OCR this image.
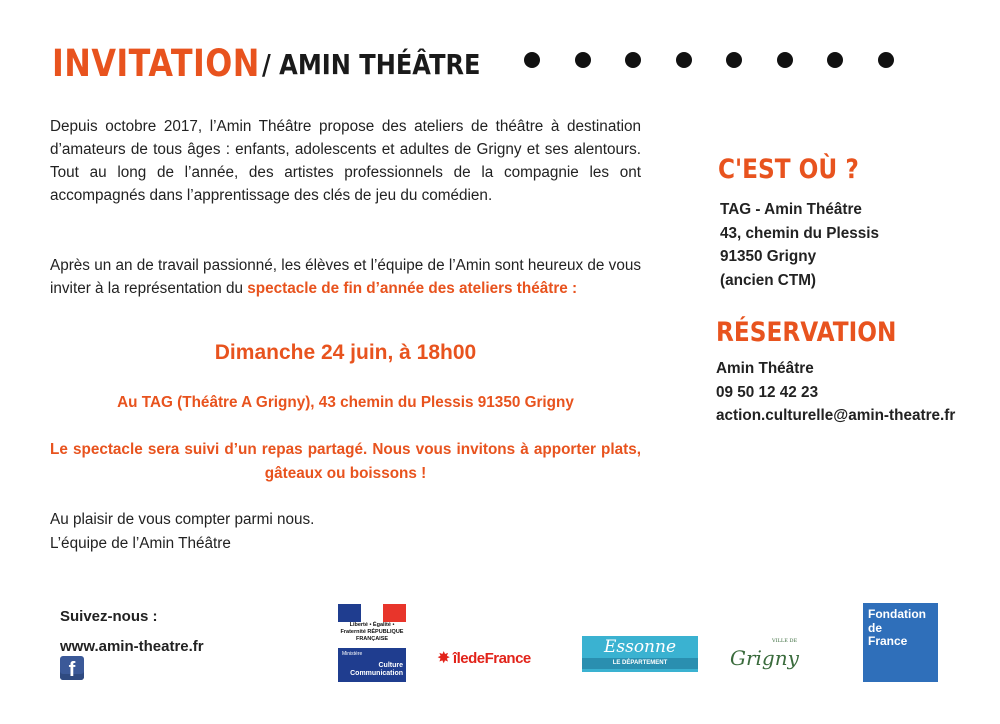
INVITATION / AMIN THÉÂTRE
Depuis octobre 2017, l’Amin Théâtre propose des ateliers de théâtre à destination d’amateurs de tous âges : enfants, adolescents et adultes de Grigny et ses alentours. Tout au long de l’année, des artistes professionnels de la compagnie les ont accompagnés dans l’apprentissage des clés de jeu du comédien.
Après un an de travail passionné, les élèves et l’équipe de l’Amin sont heureux de vous inviter à la représentation du spectacle de fin d’année des ateliers théâtre :
Dimanche 24 juin, à 18h00
Au TAG (Théâtre A Grigny), 43 chemin du Plessis 91350 Grigny
Le spectacle sera suivi d’un repas partagé. Nous vous invitons à apporter plats, gâteaux ou boissons !
Au plaisir de vous compter parmi nous.
L’équipe de l’Amin Théâtre
C'EST OÙ ?
TAG - Amin Théâtre
43, chemin du Plessis
91350 Grigny
(ancien CTM)
RÉSERVATION
Amin Théâtre
09 50 12 42 23
action.culturelle@amin-theatre.fr
Suivez-nous :
www.amin-theatre.fr
f
Liberté • Égalité • Fraternité RÉPUBLIQUE FRANÇAISE
Ministère
Culture Communication
✸ îledeFrance
Essonne
LE DÉPARTEMENT
VILLE DE
Grigny
Fondation
de
France
